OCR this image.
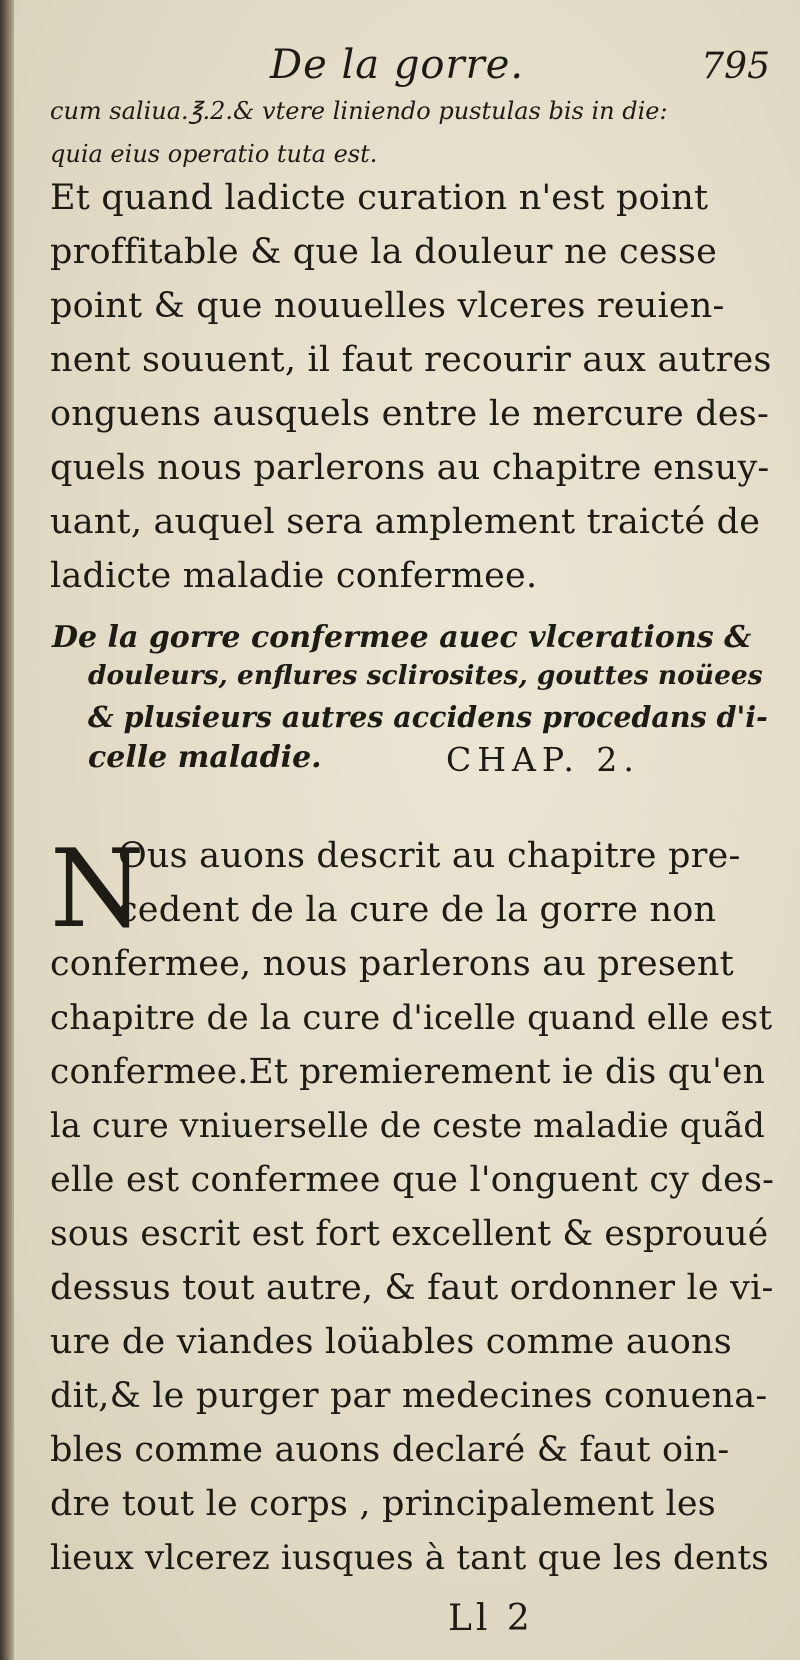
De la gorre.	795
cum saliua.℥.2.& vtere liniendo pustulas bis in die:
quia eius operatio tuta est.
Et quand ladicte curation n'est point
proffitable & que la douleur ne cesse
point & que nouuelles vlceres reuien-
nent souuent, il faut recourir aux autres
onguens ausquels entre le mercure des-
quels nous parlerons au chapitre ensuy-
uant, auquel sera amplement traicté de
ladicte maladie confermee.
De la gorre confermee auec vlcerations &
douleurs, enflures sclirosites, gouttes noüees
& plusieurs autres accidens procedans d'i-
celle maladie.	CHAP. 2.
N
Ous auons descrit au chapitre pre-
cedent de la cure de la gorre non
confermee, nous parlerons au present
chapitre de la cure d'icelle quand elle est
confermee.Et premierement ie dis qu'en
la cure vniuerselle de ceste maladie quãd
elle est confermee que l'onguent cy des-
sous escrit est fort excellent & esprouué
dessus tout autre, & faut ordonner le vi-
ure de viandes loüables comme auons
dit,& le purger par medecines conuena-
bles comme auons declaré & faut oin-
dre tout le corps , principalement les
lieux vlcerez iusques à tant que les dents
Ll 2
